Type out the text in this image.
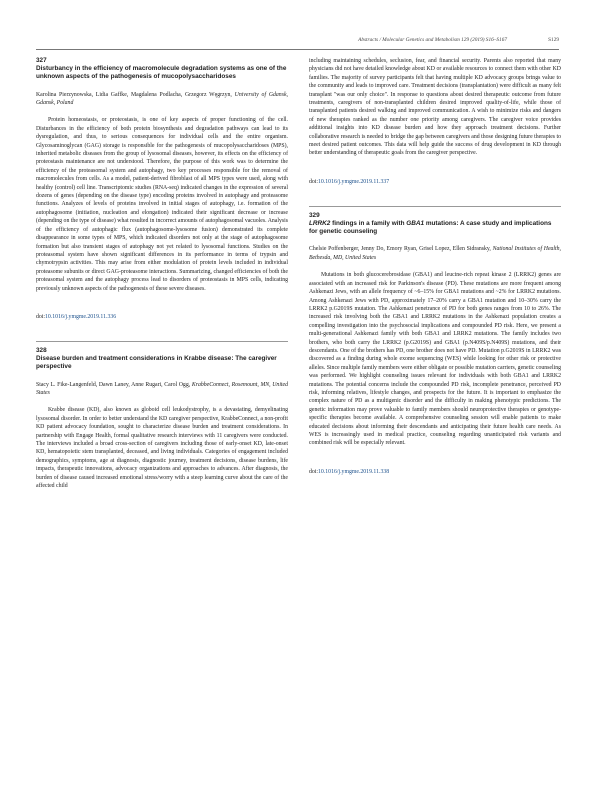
Abstracts / Molecular Genetics and Metabolism 129 (2019) S16–S167	S129
327
Disturbancy in the efficiency of macromolecule degradation systems as one of the unknown aspects of the pathogenesis of mucopolysaccharidoses
Karolina Pierzynowska, Lidia Gaffke, Magdalena Podlacha, Grzegorz Węgrzyn, University of Gdansk, Gdansk, Poland

Protein homeostasis, or proteostasis, is one of key aspects of proper functioning of the cell. Disturbances in the efficiency of both protein biosynthesis and degradation pathways can lead to its dysregulation, and thus, to serious consequences for individual cells and the entire organism. Glycosaminoglycan (GAG) storage is responsible for the pathogenesis of mucopolysaccharidoses (MPS), inherited metabolic diseases from the group of lysosomal diseases, however, its effects on the efficiency of proteostasis maintenance are not understood. Therefore, the purpose of this work was to determine the efficiency of the proteasomal system and autophagy, two key processes responsible for the removal of macromolecules from cells. As a model, patient-derived fibroblast of all MPS types were used, along with healthy (control) cell line. Transcriptomic studies (RNA-seq) indicated changes in the expression of several dozens of genes (depending on the disease type) encoding proteins involved in autophagy and proteasome functions. Analyzes of levels of proteins involved in initial stages of autophagy, i.e. formation of the autophagosome (initiation, nucleation and elongation) indicated their significant decrease or increase (depending on the type of disease) what resulted in incorrect amounts of autophagosomal vacuoles. Analysis of the efficiency of autophagic flux (autophagosome-lysosome fusion) demonstrated its complete disappearance in some types of MPS, which indicated disorders not only at the stage of autophagosome formation but also transient stages of autophagy not yet related to lysosomal functions. Studies on the proteasomal system have shown significant differences in its performance in terms of trypsin and chymotrypsin activities. This may arise from either modulation of protein levels included in individual proteasome subunits or direct GAG-proteasome interactions. Summarizing, changed efficiencies of both the proteasomal system and the autophagy process lead to disorders of proteostasis in MPS cells, indicating previously unknown aspects of the pathogenesis of these severe diseases.

doi:10.1016/j.ymgme.2019.11.336
328
Disease burden and treatment considerations in Krabbe disease: The caregiver perspective
Stacy L. Fike-Langenfeld, Dawn Laney, Anne Rugari, Carol Ogg, KrabbeConnect, Rosemount, MN, United States

Krabbe disease (KD), also known as globoid cell leukodystrophy, is a devastating, demyelinating lysosomal disorder. In order to better understand the KD caregiver perspective, KrabbeConnect, a non-profit KD patient advocacy foundation, sought to characterize disease burden and treatment considerations. In partnership with Engage Health, formal qualitative research interviews with 11 caregivers were conducted. The interviews included a broad cross-section of caregivers including those of early-onset KD, late-onset KD, hematopoietic stem transplanted, deceased, and living individuals. Categories of engagement included demographics, symptoms, age at diagnosis, diagnostic journey, treatment decisions, disease burdens, life impacts, therapeutic innovations, advocacy organizations and approaches to advances. After diagnosis, the burden of disease caused increased emotional stress/worry with a steep learning curve about the care of the affected child

including maintaining schedules, seclusion, fear, and financial security. Parents also reported that many physicians did not have detailed knowledge about KD or available resources to connect them with other KD families. The majority of survey participants felt that having multiple KD advocacy groups brings value to the community and leads to improved care. Treatment decisions (transplantation) were difficult as many felt transplant "was our only choice". In response to questions about desired therapeutic outcome from future treatments, caregivers of non-transplanted children desired improved quality-of-life, while those of transplanted patients desired walking and improved communication. A wish to minimize risks and dangers of new therapies ranked as the number one priority among caregivers. The caregiver voice provides additional insights into KD disease burden and how they approach treatment decisions. Further collaborative research is needed to bridge the gap between caregivers and those designing future therapies to meet desired patient outcomes. This data will help guide the success of drug development in KD through better understanding of therapeutic goals from the caregiver perspective.

doi:10.1016/j.ymgme.2019.11.337
329
LRRK2 findings in a family with GBA1 mutations: A case study and implications for genetic counseling
Chelsie Poffenberger, Jenny Do, Emory Ryan, Grisel Lopez, Ellen Sidransky, National Institutes of Health, Bethesda, MD, United States

Mutations in both glucocerebrosidase (GBA1) and leucine-rich repeat kinase 2 (LRRK2) genes are associated with an increased risk for Parkinson's disease (PD). These mutations are more frequent among Ashkenazi Jews, with an allele frequency of ~6–15% for GBA1 mutations and ~2% for LRRK2 mutations. Among Ashkenazi Jews with PD, approximately 17–20% carry a GBA1 mutation and 10–30% carry the LRRK2 p.G2019S mutation. The Ashkenazi penetrance of PD for both genes ranges from 10 to 26%. The increased risk involving both the GBA1 and LRRK2 mutations in the Ashkenazi population creates a compelling investigation into the psychosocial implications and compounded PD risk. Here, we present a multi-generational Ashkenazi family with both GBA1 and LRRK2 mutations. The family includes two brothers, who both carry the LRRK2 (p.G2019S) and GBA1 (p.N409S/p.N409S) mutations, and their descendants. One of the brothers has PD, one brother does not have PD. Mutation p.G2019S in LRRK2 was discovered as a finding during whole exome sequencing (WES) while looking for other risk or protective alleles. Since multiple family members were either obligate or possible mutation carriers, genetic counseling was performed. We highlight counseling issues relevant for individuals with both GBA1 and LRRK2 mutations. The potential concerns include the compounded PD risk, incomplete penetrance, perceived PD risk, informing relatives, lifestyle changes, and prospects for the future. It is important to emphasize the complex nature of PD as a multigenic disorder and the difficulty in making phenotypic predictions. The genetic information may prove valuable to family members should neuroprotective therapies or genotype-specific therapies become available. A comprehensive counseling session will enable patients to make educated decisions about informing their descendants and anticipating their future health care needs. As WES is increasingly used in medical practice, counseling regarding unanticipated risk variants and combined risk will be especially relevant.

doi:10.1016/j.ymgme.2019.11.338
